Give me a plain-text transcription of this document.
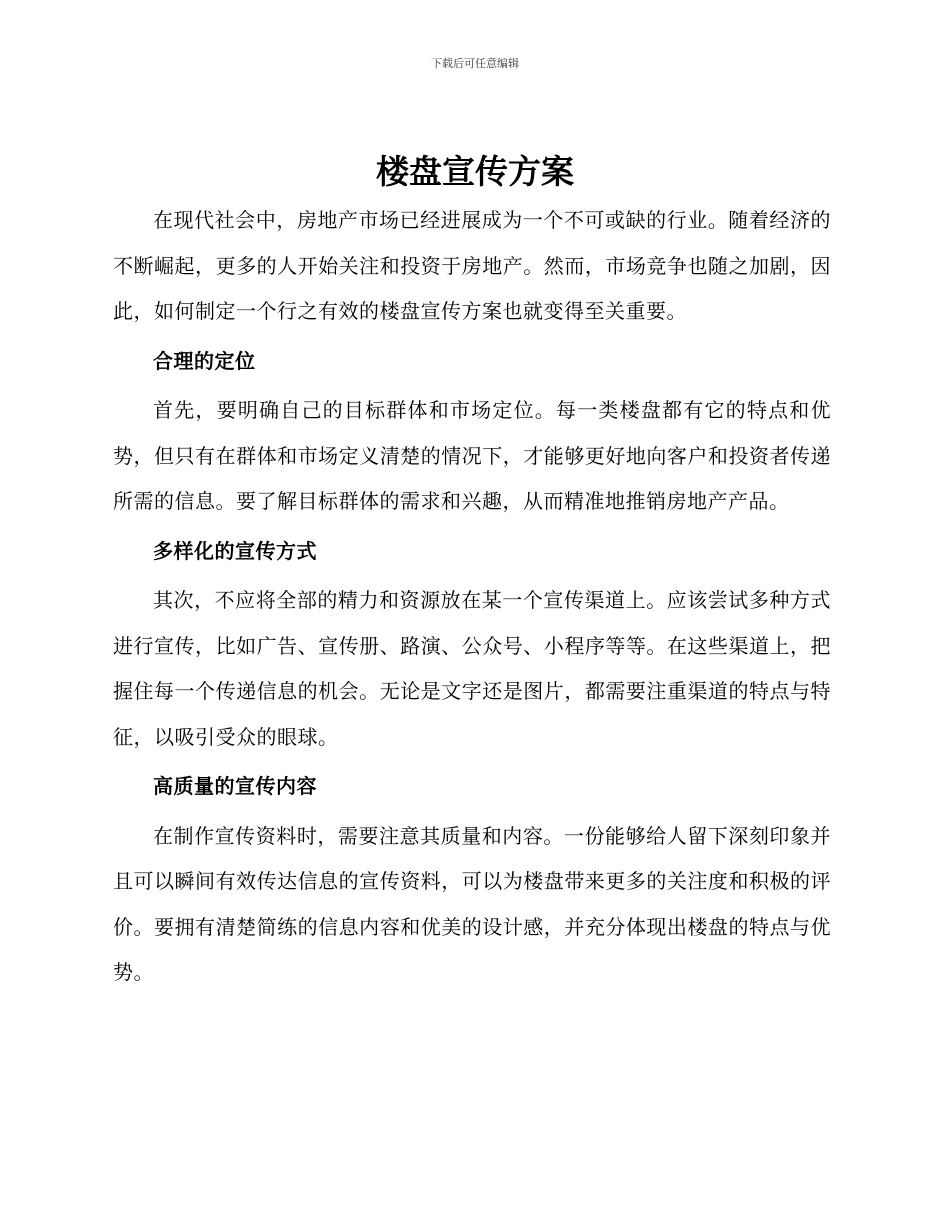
下载后可任意编辑
楼盘宣传方案

在现代社会中，房地产市场已经进展成为一个不可或缺的行业。随着经济的不断崛起，更多的人开始关注和投资于房地产。然而，市场竞争也随之加剧，因此，如何制定一个行之有效的楼盘宣传方案也就变得至关重要。

合理的定位

首先，要明确自己的目标群体和市场定位。每一类楼盘都有它的特点和优势，但只有在群体和市场定义清楚的情况下，才能够更好地向客户和投资者传递所需的信息。要了解目标群体的需求和兴趣，从而精准地推销房地产产品。

多样化的宣传方式

其次，不应将全部的精力和资源放在某一个宣传渠道上。应该尝试多种方式进行宣传，比如广告、宣传册、路演、公众号、小程序等等。在这些渠道上，把握住每一个传递信息的机会。无论是文字还是图片，都需要注重渠道的特点与特征，以吸引受众的眼球。

高质量的宣传内容

在制作宣传资料时，需要注意其质量和内容。一份能够给人留下深刻印象并且可以瞬间有效传达信息的宣传资料，可以为楼盘带来更多的关注度和积极的评价。要拥有清楚简练的信息内容和优美的设计感，并充分体现出楼盘的特点与优势。
